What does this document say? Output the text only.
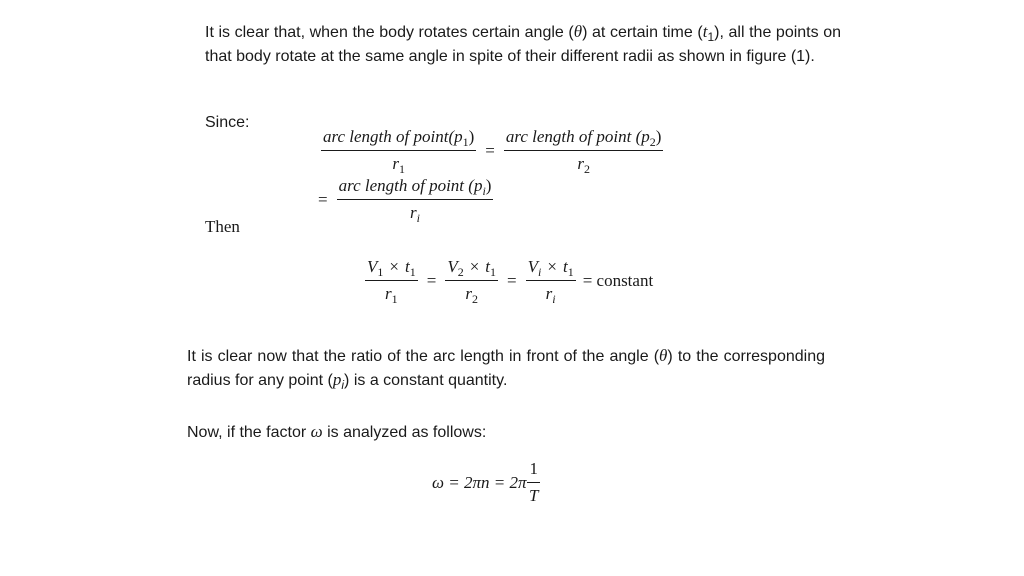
It is clear that, when the body rotates certain angle (θ) at certain time $(t_1)$, all the points on that body rotate at the same angle in spite of their different radii as shown in figure (1).

Since:
$\frac{arc length of point(p_1)}{r_1} = \frac{arc length of point (p_2)}{r_2}$
= $\frac{arc length of point (p_i)}{r_i}$
Then
$\frac{V_1 \times t_1}{r_1} = \frac{V_2 \times t_1}{r_2} = \frac{V_i \times t_1}{r_i}$ = constant

It is clear now that the ratio of the arc length in front of the angle (θ) to the corresponding radius for any point $(p_i)$ is a constant quantity.

Now, if the factor ω is analyzed as follows:

$\omega = 2\pi n = 2\pi \frac{1}{T}$
